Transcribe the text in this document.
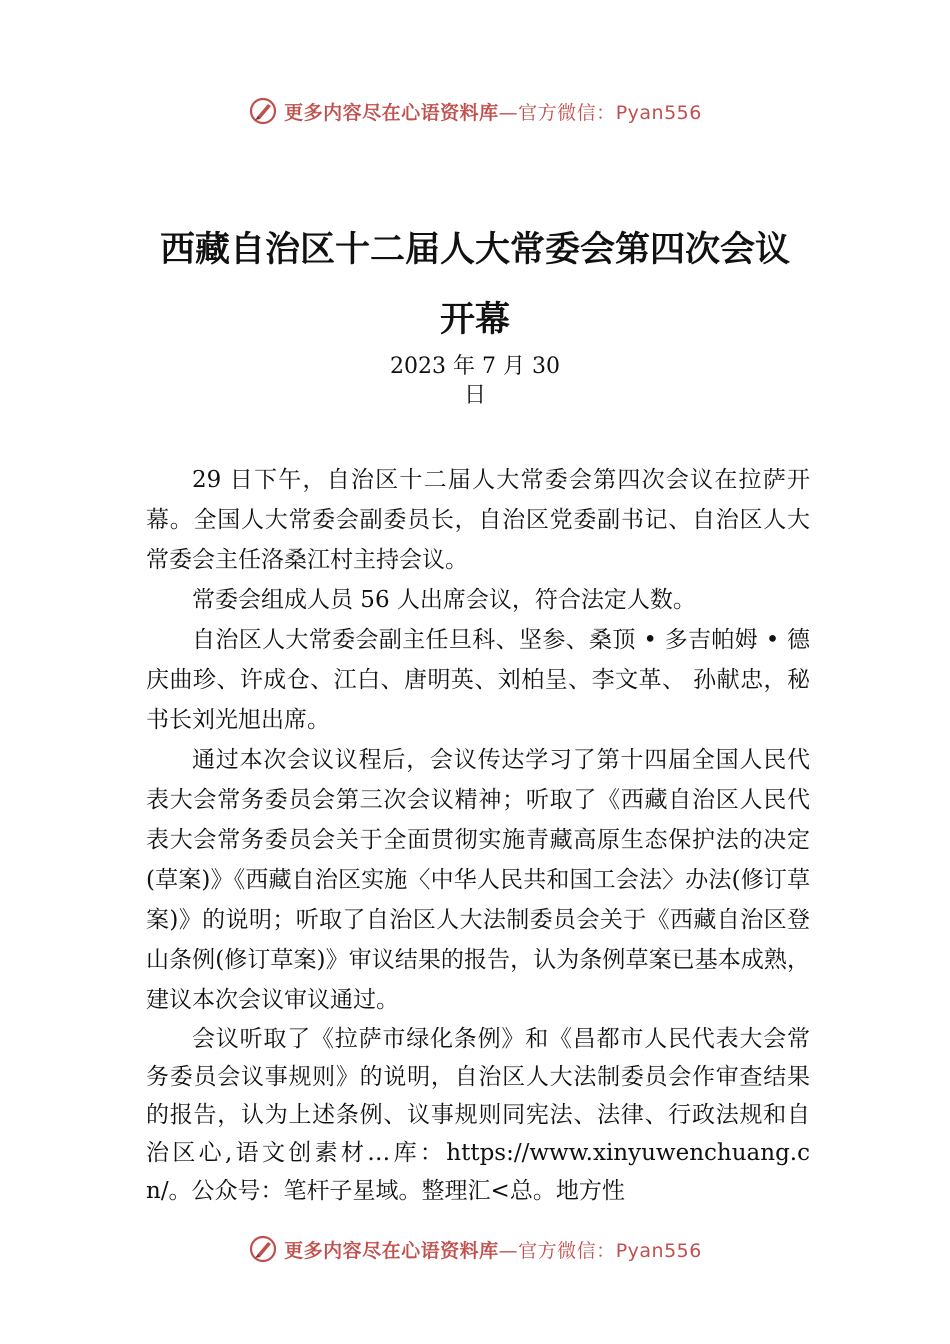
更多内容尽在心语资料库—官方微信：Pyan556
西藏自治区十二届人大常委会第四次会议
开幕
2023 年 7 月 30
日

29 日下午，自治区十二届人大常委会第四次会议在拉萨开幕。全国人大常委会副委员长，自治区党委副书记、自治区人大常委会主任洛桑江村主持会议。

常委会组成人员 56 人出席会议，符合法定人数。

自治区人大常委会副主任旦科、坚参、桑顶 • 多吉帕姆 • 德庆曲珍、许成仓、江白、唐明英、刘柏呈、李文革、 孙献忠，秘书长刘光旭出席。

通过本次会议议程后，会议传达学习了第十四届全国人民代表大会常务委员会第三次会议精神；听取了《西藏自治区人民代表大会常务委员会关于全面贯彻实施青藏高原生态保护法的决定(草案)》《西藏自治区实施〈中华人民共和国工会法〉办法(修订草案)》的说明；听取了自治区人大法制委员会关于《西藏自治区登山条例(修订草案)》审议结果的报告，认为条例草案已基本成熟，建议本次会议审议通过。

会议听取了《拉萨市绿化条例》和《昌都市人民代表大会常务委员会议事规则》的说明，自治区人大法制委员会作审查结果的报告，认为上述条例、议事规则同宪法、法律、行政法规和自治区心,语文创素材…库：https://www.xinyuwenchuang.cn/。公众号：笔杆子星域。整理汇<总。地方性

更多内容尽在心语资料库—官方微信：Pyan556
